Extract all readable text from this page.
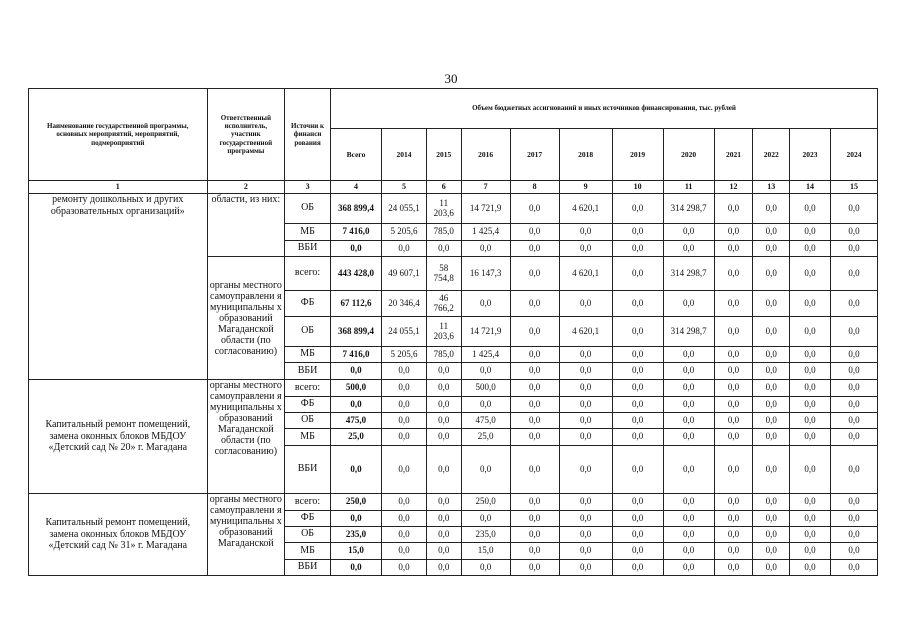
30
Наименование государственной программы, основных мероприятий, мероприятий, подмероприятий	Ответственный исполнитель, участник государственной программы	Источни к финанси рования	Объем бюджетных ассигнований и иных источников финансирования, тыс. рублей											
			Всего	2014	2015	2016	2017	2018	2019	2020	2021	2022	2023	2024
1	2	3	4	5	6	7	8	9	10	11	12	13	14	15
ремонту дошкольных и других образовательных организаций»	области, из них:	ОБ	368 899,4	24 055,1	11 203,6	14 721,9	0,0	4 620,1	0,0	314 298,7	0,0	0,0	0,0	0,0
		МБ	7 416,0	5 205,6	785,0	1 425,4	0,0	0,0	0,0	0,0	0,0	0,0	0,0	0,0
		ВБИ	0,0	0,0	0,0	0,0	0,0	0,0	0,0	0,0	0,0	0,0	0,0	0,0
	органы местного самоуправлени я муниципальны х образований Магаданской области (по согласованию)	всего:	443 428,0	49 607,1	58 754,8	16 147,3	0,0	4 620,1	0,0	314 298,7	0,0	0,0	0,0	0,0
		ФБ	67 112,6	20 346,4	46 766,2	0,0	0,0	0,0	0,0	0,0	0,0	0,0	0,0	0,0
		ОБ	368 899,4	24 055,1	11 203,6	14 721,9	0,0	4 620,1	0,0	314 298,7	0,0	0,0	0,0	0,0
		МБ	7 416,0	5 205,6	785,0	1 425,4	0,0	0,0	0,0	0,0	0,0	0,0	0,0	0,0
		ВБИ	0,0	0,0	0,0	0,0	0,0	0,0	0,0	0,0	0,0	0,0	0,0	0,0
Капитальный ремонт помещений, замена оконных блоков МБДОУ «Детский сад № 20» г. Магадана	органы местного самоуправлени я муниципальны х образований Магаданской области (по согласованию)	всего:	500,0	0,0	0,0	500,0	0,0	0,0	0,0	0,0	0,0	0,0	0,0	0,0
		ФБ	0,0	0,0	0,0	0,0	0,0	0,0	0,0	0,0	0,0	0,0	0,0	0,0
		ОБ	475,0	0,0	0,0	475,0	0,0	0,0	0,0	0,0	0,0	0,0	0,0	0,0
		МБ	25,0	0,0	0,0	25,0	0,0	0,0	0,0	0,0	0,0	0,0	0,0	0,0
		ВБИ	0,0	0,0	0,0	0,0	0,0	0,0	0,0	0,0	0,0	0,0	0,0	0,0
Капитальный ремонт помещений, замена оконных блоков МБДОУ «Детский сад № 31» г. Магадана	органы местного самоуправлени я муниципальны х образований Магаданской	всего:	250,0	0,0	0,0	250,0	0,0	0,0	0,0	0,0	0,0	0,0	0,0	0,0
		ФБ	0,0	0,0	0,0	0,0	0,0	0,0	0,0	0,0	0,0	0,0	0,0	0,0
		ОБ	235,0	0,0	0,0	235,0	0,0	0,0	0,0	0,0	0,0	0,0	0,0	0,0
		МБ	15,0	0,0	0,0	15,0	0,0	0,0	0,0	0,0	0,0	0,0	0,0	0,0
		ВБИ	0,0	0,0	0,0	0,0	0,0	0,0	0,0	0,0	0,0	0,0	0,0	0,0
